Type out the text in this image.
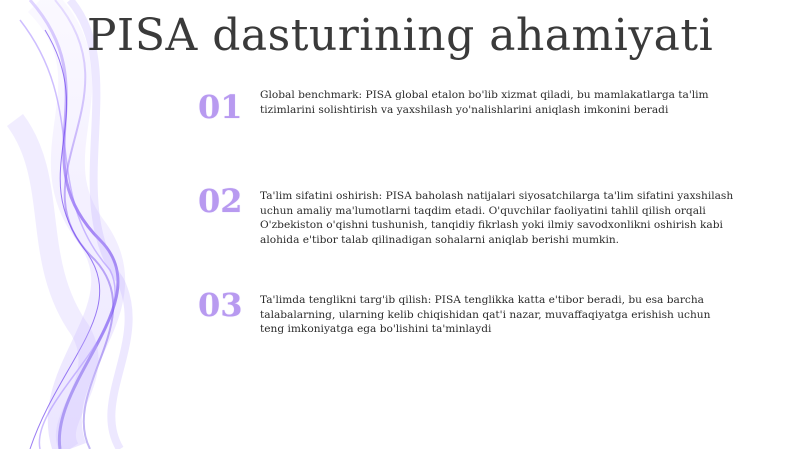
PISA dasturining ahamiyati
01 Global benchmark: PISA global etalon bo'lib xizmat qiladi, bu mamlakatlarga ta'lim tizimlarini solishtirish va yaxshilash yo'nalishlarini aniqlash imkonini beradi
02 Ta'lim sifatini oshirish: PISA baholash natijalari siyosatchilarga ta'lim sifatini yaxshilash uchun amaliy ma'lumotlarni taqdim etadi. O'quvchilar faoliyatini tahlil qilish orqali O'zbekiston o'qishni tushunish, tanqidiy fikrlash yoki ilmiy savodxonlikni oshirish kabi alohida e'tibor talab qilinadigan sohalarni aniqlab berishi mumkin.
03 Ta'limda tenglikni targ'ib qilish: PISA tenglikka katta e'tibor beradi, bu esa barcha talabalarning, ularning kelib chiqishidan qat'i nazar, muvaffaqiyatga erishish uchun teng imkoniyatga ega bo'lishini ta'minlaydi
